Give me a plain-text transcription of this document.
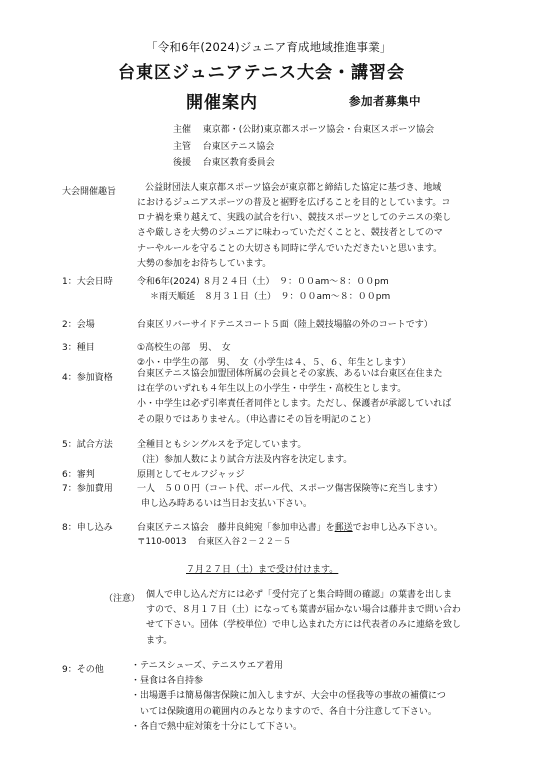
「令和6年(2024)ジュニア育成地域推進事業」
台東区ジュニアテニス大会・講習会
開催案内	参加者募集中
主催 東京都・(公財)東京都スポーツ協会・台東区スポーツ協会
主管 台東区テニス協会
後援 台東区教育委員会
大会開催趣旨	公益財団法人東京都スポーツ協会が東京都と締結した協定に基づき、地域
におけるジュニアスポーツの普及と裾野を広げることを目的としています。コ
ロナ禍を乗り越えて、実践の試合を行い、競技スポーツとしてのテニスの楽し
さや厳しさを大勢のジュニアに味わっていただくことと、競技者としてのマ
ナーやルールを守ることの大切さも同時に学んでいただきたいと思います。
大勢の参加をお待ちしています。
1：大会日時	令和6年(2024) ８月２４日（土）　９：００am〜８：００pm
＊雨天順延　８月３１日（土）　９：００am〜８：００pm
2：会場	台東区リバーサイドテニスコート５面（陸上競技場脇の外のコートです）
3：種目	①高校生の部　男、　女
②小・中学生の部　男、　女（小学生は４、５、６、年生とします）
4：参加資格	台東区テニス協会加盟団体所属の会員とその家族、あるいは台東区在住また
は在学のいずれも４年生以上の小学生・中学生・高校生とします。
小・中学生は必ず引率責任者同伴とします。ただし、保護者が承認していれば
その限りではありません。（申込書にその旨を明記のこと）
5：試合方法	全種目ともシングルスを予定しています。
（注）参加人数により試合方法及内容を決定します。
6：審判	原則としてセルフジャッジ
7：参加費用	一人　５００円（コート代、ボール代、スポーツ傷害保険等に充当します）
申し込み時あるいは当日お支払い下さい。
8：申し込み	台東区テニス協会　藤井良純宛「参加申込書」を郵送でお申し込み下さい。
〒110-0013　 台東区入谷２－２２－５
７月２７日（土）まで受け付けます。
（注意） 個人で申し込んだ方には必ず「受付完了と集合時間の確認」の葉書を出しま
すので、８月１７日（土）になっても葉書が届かない場合は藤井まで問い合わ
せて下さい。団体（学校単位）で申し込まれた方には代表者のみに連絡を致し
ます。
9：その他	・テニスシューズ、テニスウエア着用
・昼食は各自持参
・出場選手は簡易傷害保険に加入しますが、大会中の怪我等の事故の補償につ
　いては保険適用の範囲内のみとなりますので、各自十分注意して下さい。
・各自で熱中症対策を十分にして下さい。
